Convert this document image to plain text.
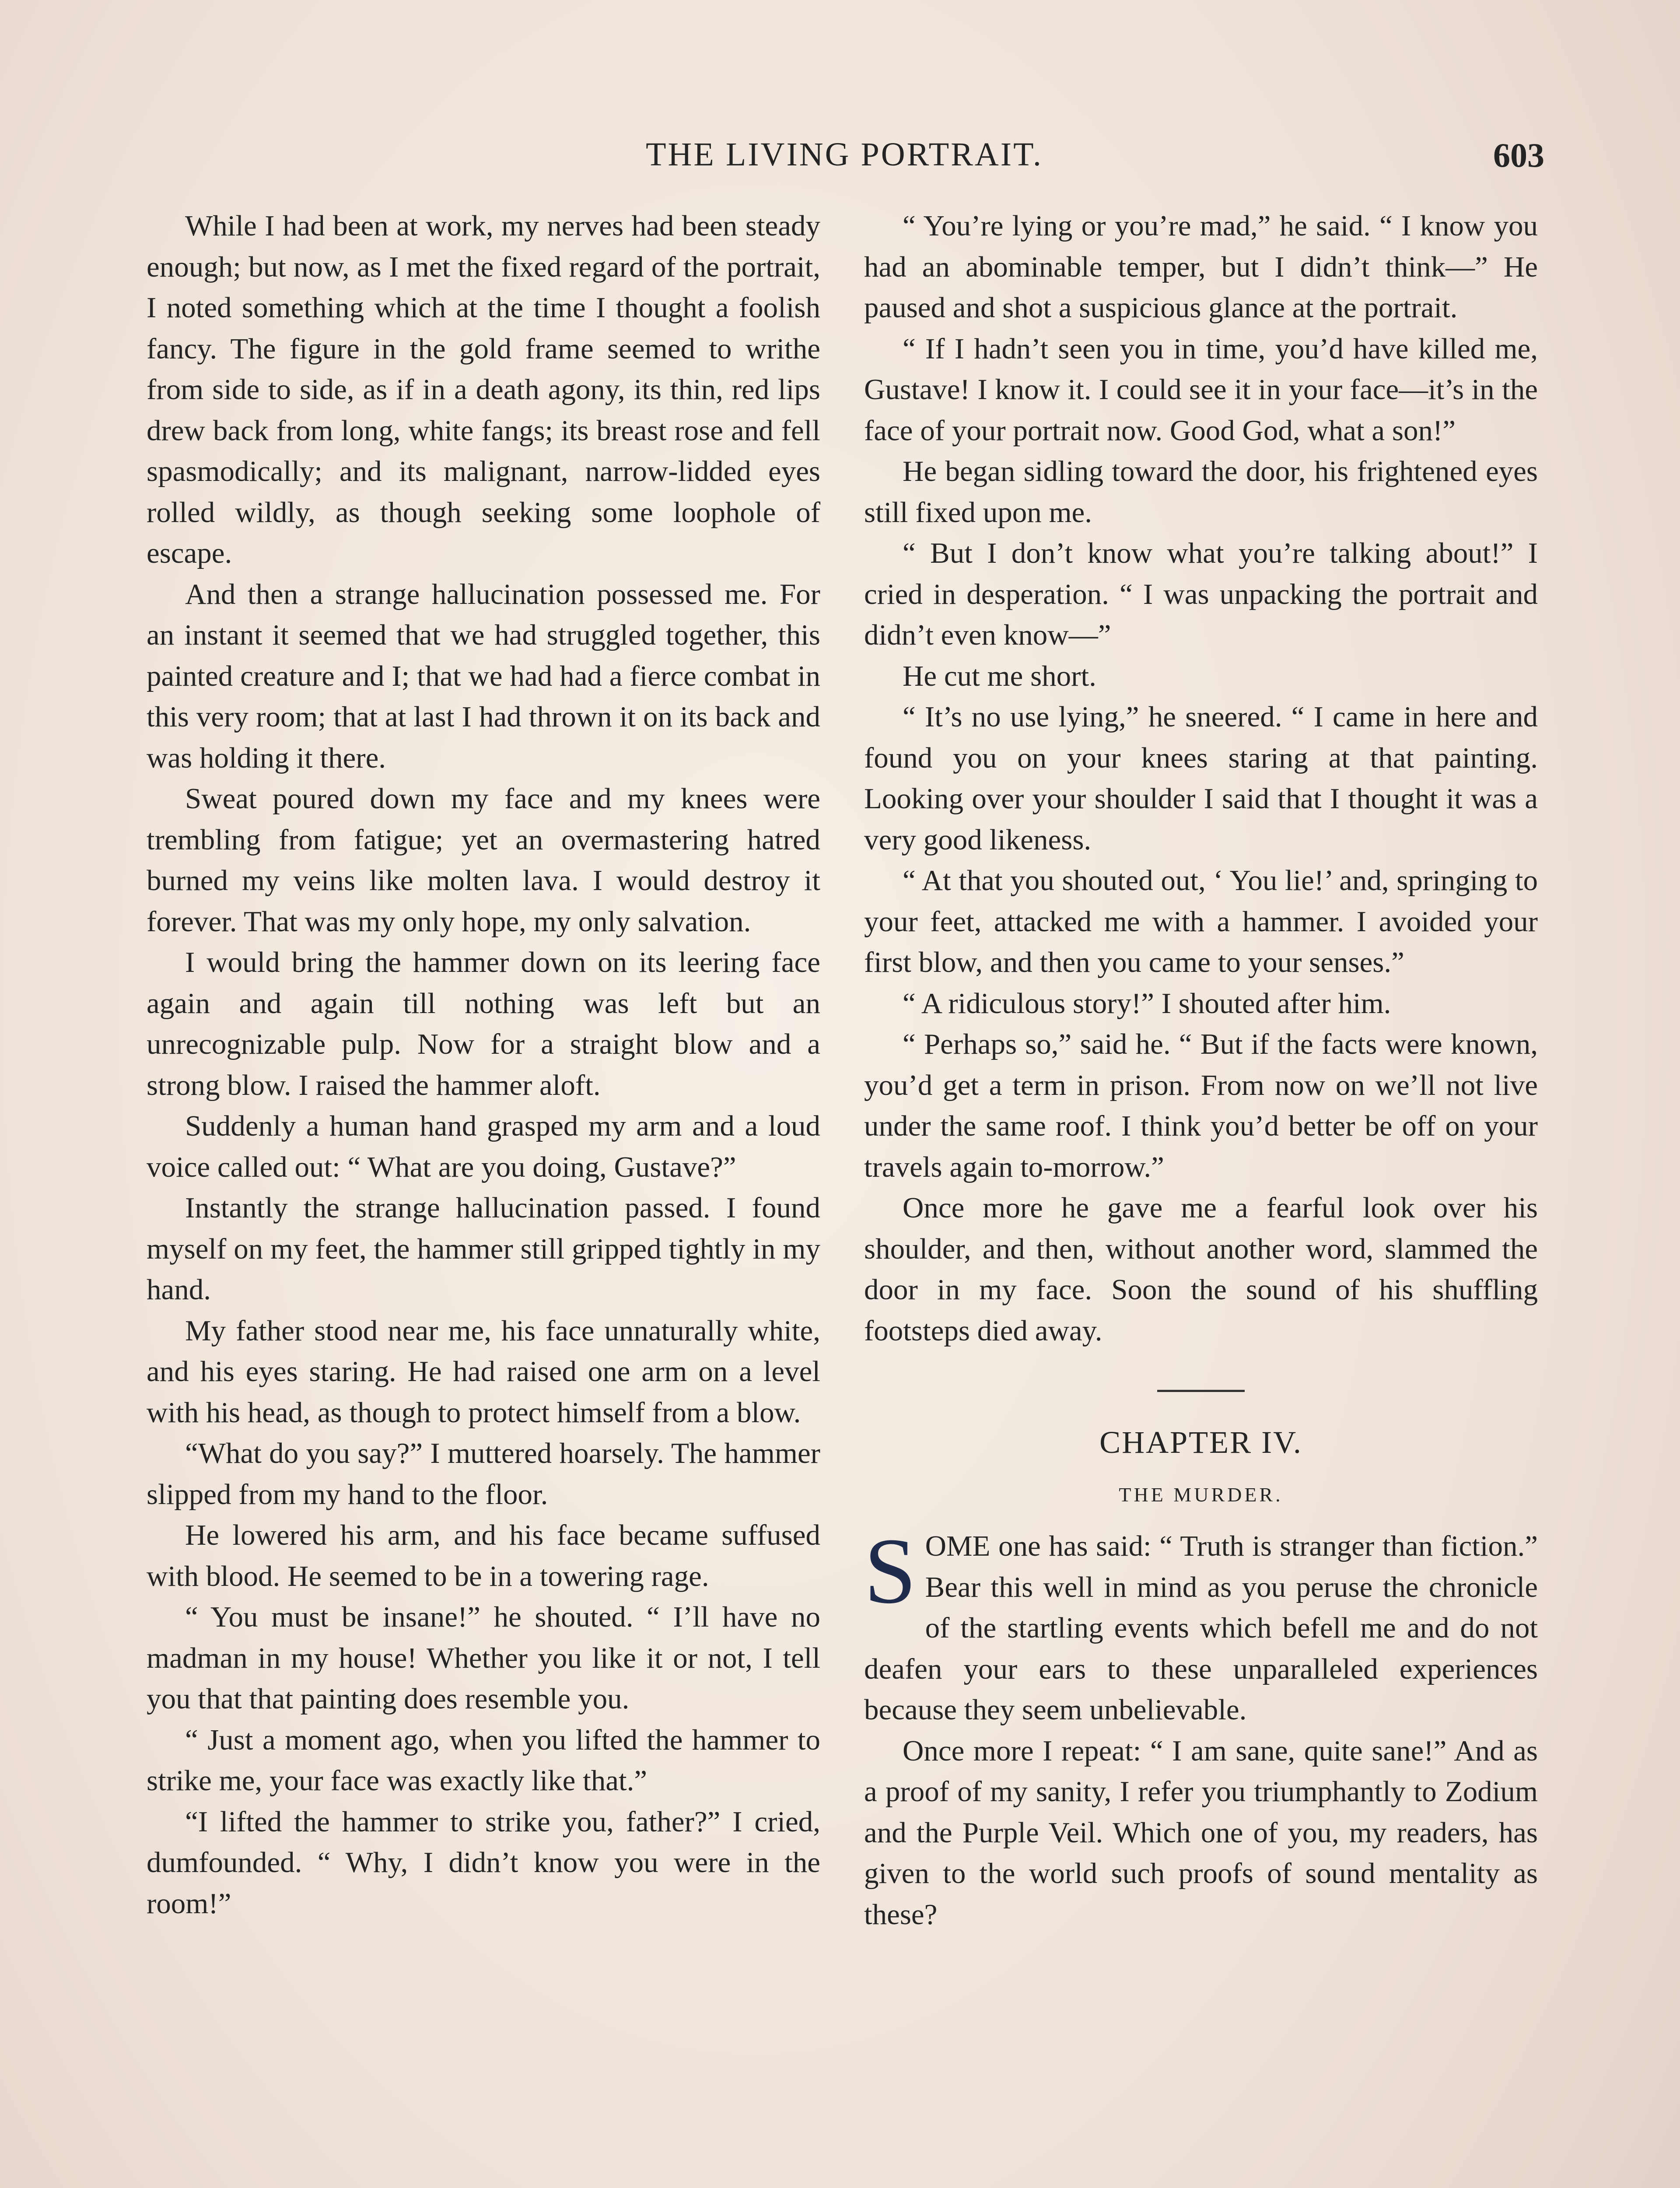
THE LIVING PORTRAIT.	603

While I had been at work, my nerves had been steady enough; but now, as I met the fixed regard of the portrait, I noted something which at the time I thought a foolish fancy. The figure in the gold frame seemed to writhe from side to side, as if in a death agony, its thin, red lips drew back from long, white fangs; its breast rose and fell spasmodically; and its malignant, narrow-lidded eyes rolled wildly, as though seeking some loophole of escape.

And then a strange hallucination possessed me. For an instant it seemed that we had struggled together, this painted creature and I; that we had had a fierce combat in this very room; that at last I had thrown it on its back and was holding it there.

Sweat poured down my face and my knees were trembling from fatigue; yet an overmastering hatred burned my veins like molten lava. I would destroy it forever. That was my only hope, my only salvation.

I would bring the hammer down on its leering face again and again till nothing was left but an unrecognizable pulp. Now for a straight blow and a strong blow. I raised the hammer aloft.

Suddenly a human hand grasped my arm and a loud voice called out: “ What are you doing, Gustave?”

Instantly the strange hallucination passed. I found myself on my feet, the hammer still gripped tightly in my hand.

My father stood near me, his face unnaturally white, and his eyes staring. He had raised one arm on a level with his head, as though to protect himself from a blow.

“What do you say?” I muttered hoarsely. The hammer slipped from my hand to the floor.

He lowered his arm, and his face became suffused with blood. He seemed to be in a towering rage.

“ You must be insane!” he shouted. “ I’ll have no madman in my house! Whether you like it or not, I tell you that that painting does resemble you.

“ Just a moment ago, when you lifted the hammer to strike me, your face was exactly like that.”

“I lifted the hammer to strike you, father?” I cried, dumfounded. “ Why, I didn’t know you were in the room!”

“ You’re lying or you’re mad,” he said. “ I know you had an abominable temper, but I didn’t think—” He paused and shot a suspicious glance at the portrait.

“ If I hadn’t seen you in time, you’d have killed me, Gustave! I know it. I could see it in your face—it’s in the face of your portrait now. Good God, what a son!”

He began sidling toward the door, his frightened eyes still fixed upon me.

“ But I don’t know what you’re talking about!” I cried in desperation. “ I was unpacking the portrait and didn’t even know—”

He cut me short.

“ It’s no use lying,” he sneered. “ I came in here and found you on your knees staring at that painting. Looking over your shoulder I said that I thought it was a very good likeness.

“ At that you shouted out, ‘ You lie!’ and, springing to your feet, attacked me with a hammer. I avoided your first blow, and then you came to your senses.”

“ A ridiculous story!” I shouted after him.

“ Perhaps so,” said he. “ But if the facts were known, you’d get a term in prison. From now on we’ll not live under the same roof. I think you’d better be off on your travels again to-morrow.”

Once more he gave me a fearful look over his shoulder, and then, without another word, slammed the door in my face. Soon the sound of his shuffling footsteps died away.

CHAPTER IV.
THE MURDER.

SOME one has said: “ Truth is stranger than fiction.” Bear this well in mind as you peruse the chronicle of the startling events which befell me and do not deafen your ears to these unparalleled experiences because they seem unbelievable.

Once more I repeat: “ I am sane, quite sane!” And as a proof of my sanity, I refer you triumphantly to Zodium and the Purple Veil. Which one of you, my readers, has given to the world such proofs of sound mentality as these?
